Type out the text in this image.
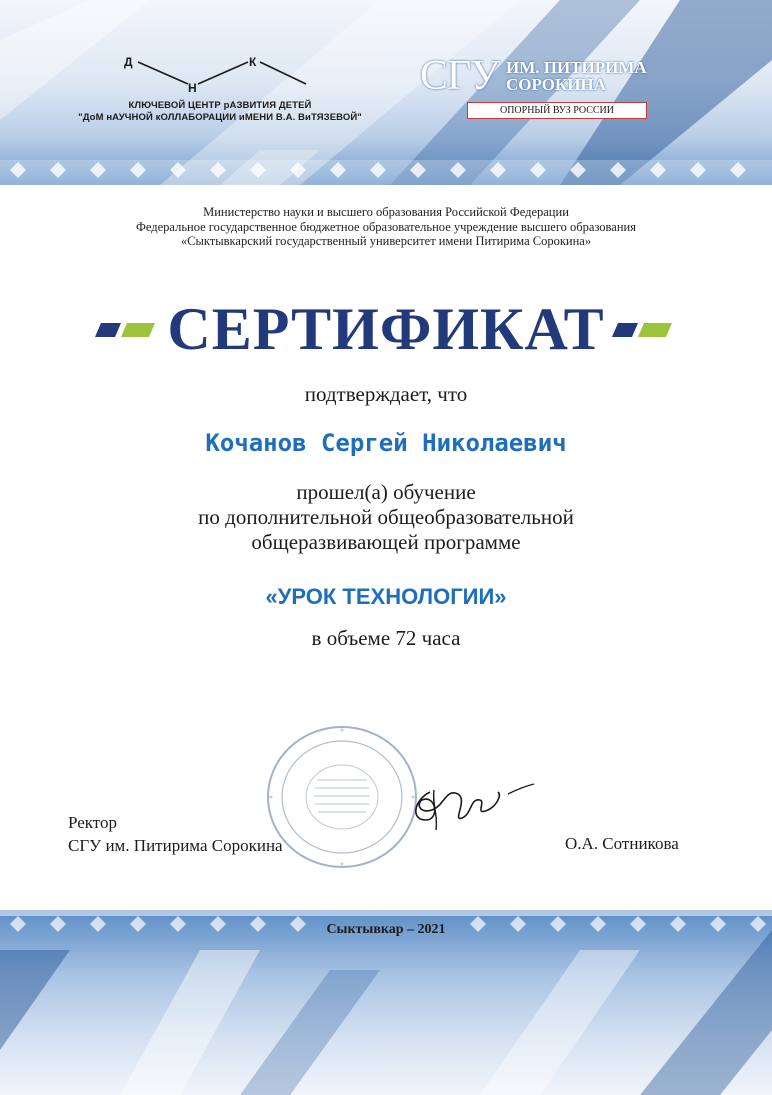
Д
Н
К
КЛЮЧЕВОЙ ЦЕНТР рАЗВИТИЯ ДЕТЕЙ
"ДоМ нАУЧНОЙ кОЛЛАБОРАЦИИ иМЕНИ В.А. ВиТЯЗЕВОЙ"
СГУ ИМ. ПИТИРИМА
СОРОКИНА
ОПОРНЫЙ ВУЗ РОССИИ
Министерство науки и высшего образования Российской Федерации
Федеральное государственное бюджетное образовательное учреждение высшего образования
«Сыктывкарский государственный университет имени Питирима Сорокина»
СЕРТИФИКАТ
подтверждает, что
Кочанов Сергей Николаевич
прошел(а) обучение
по дополнительной общеобразовательной
общеразвивающей программе
«УРОК ТЕХНОЛОГИИ»
в объеме 72 часа
Ректор
СГУ им. Питирима Сорокина	О.А. Сотникова
Сыктывкар – 2021
